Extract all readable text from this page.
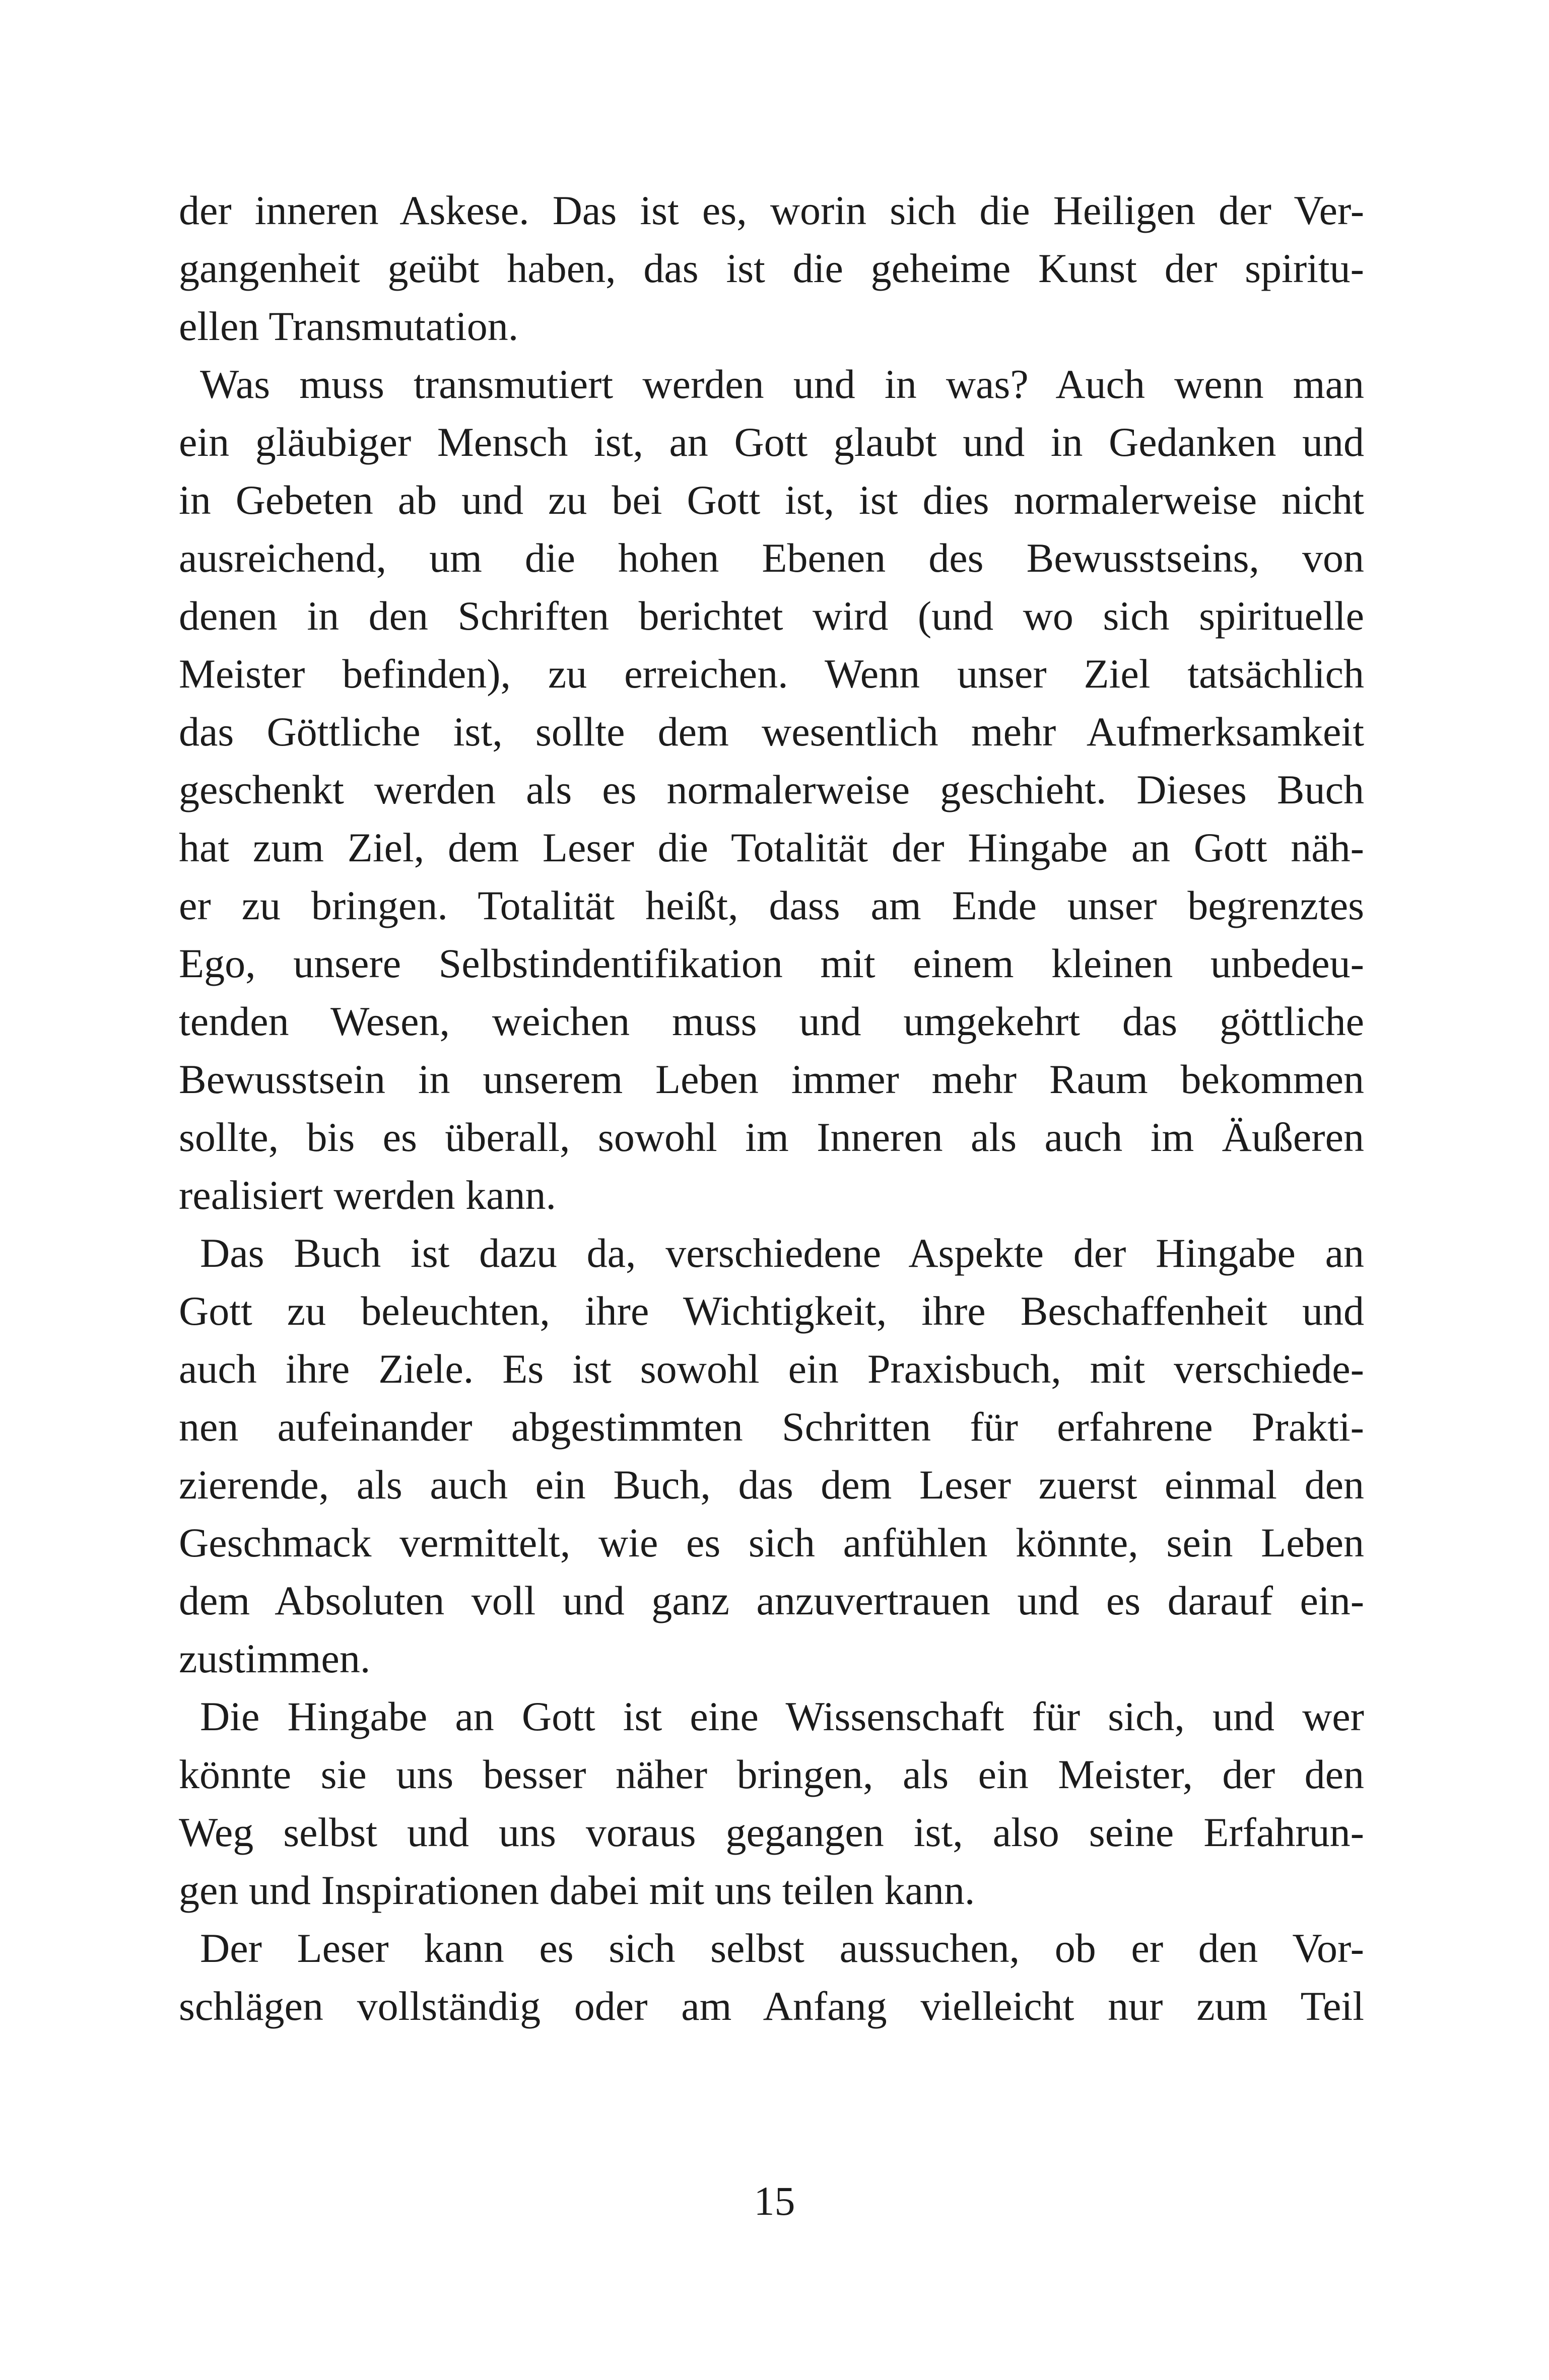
der inneren Askese. Das ist es, worin sich die Heiligen der Ver-
gangenheit geübt haben, das ist die geheime Kunst der spiritu-
ellen Transmutation.
Was muss transmutiert werden und in was? Auch wenn man
ein gläubiger Mensch ist, an Gott glaubt und in Gedanken und
in Gebeten ab und zu bei Gott ist, ist dies normalerweise nicht
ausreichend, um die hohen Ebenen des Bewusstseins, von
denen in den Schriften berichtet wird (und wo sich spirituelle
Meister befinden), zu erreichen. Wenn unser Ziel tatsächlich
das Göttliche ist, sollte dem wesentlich mehr Aufmerksamkeit
geschenkt werden als es normalerweise geschieht. Dieses Buch
hat zum Ziel, dem Leser die Totalität der Hingabe an Gott näh-
er zu bringen. Totalität heißt, dass am Ende unser begrenztes
Ego, unsere Selbstindentifikation mit einem kleinen unbedeu-
tenden Wesen, weichen muss und umgekehrt das göttliche
Bewusstsein in unserem Leben immer mehr Raum bekommen
sollte, bis es überall, sowohl im Inneren als auch im Äußeren
realisiert werden kann.
Das Buch ist dazu da, verschiedene Aspekte der Hingabe an
Gott zu beleuchten, ihre Wichtigkeit, ihre Beschaffenheit und
auch ihre Ziele. Es ist sowohl ein Praxisbuch, mit verschiede-
nen aufeinander abgestimmten Schritten für erfahrene Prakti-
zierende, als auch ein Buch, das dem Leser zuerst einmal den
Geschmack vermittelt, wie es sich anfühlen könnte, sein Leben
dem Absoluten voll und ganz anzuvertrauen und es darauf ein-
zustimmen.
Die Hingabe an Gott ist eine Wissenschaft für sich, und wer
könnte sie uns besser näher bringen, als ein Meister, der den
Weg selbst und uns voraus gegangen ist, also seine Erfahrun-
gen und Inspirationen dabei mit uns teilen kann.
Der Leser kann es sich selbst aussuchen, ob er den Vor-
schlägen vollständig oder am Anfang vielleicht nur zum Teil
15
